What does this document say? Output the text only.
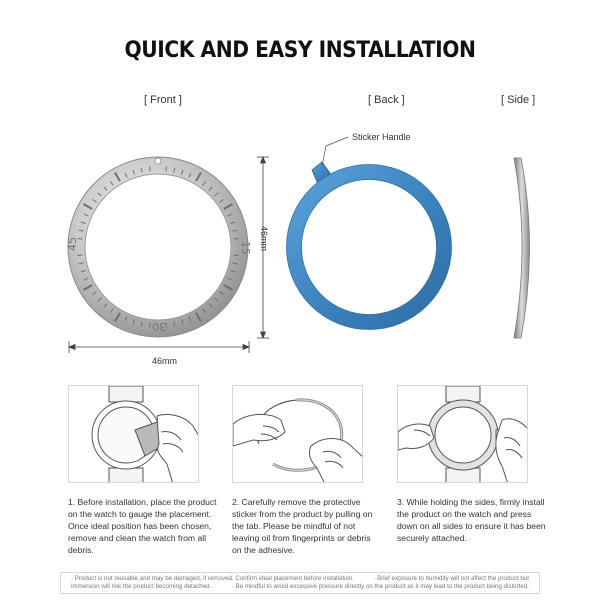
QUICK AND EASY INSTALLATION
[ Front ]	[ Back ]	[ Side ]
45	15
30
Sticker Handle
46mm
46mm
1. Before installation, place the product on the watch to gauge the placement. Once ideal position has been chosen, remove and clean the watch from all debris.
2. Carefully remove the protective sticker from the product by pulling on the tab. Please be mindful of not leaving oil from fingerprints or debris on the adhesive.
3. While holding the sides, firmly install the product on the watch and press down on all sides to ensure it has been securely attached.
· Product is not reusable and may be damaged, if removed. Confirm ideal placement before installation.	· Brief exposure to humidity will not affect the product but
immersion will risk the product becoming detached.	· Be mindful to avoid excessive pressure directly on the product as it may lead to the product being distorted.
